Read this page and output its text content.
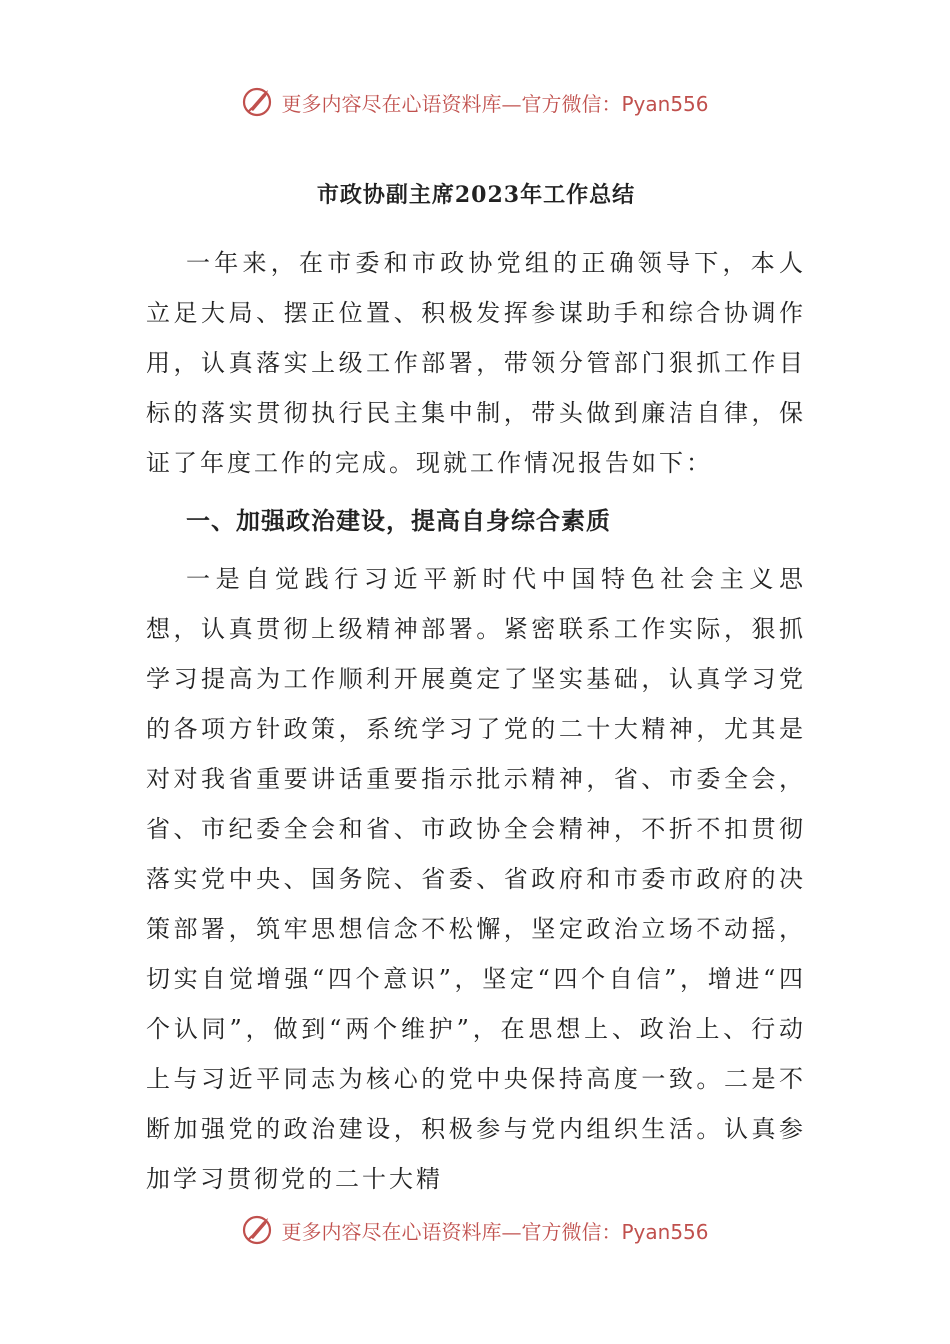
更多内容尽在心语资料库—官方微信：Pyan556
市政协副主席2023年工作总结

一年来，在市委和市政协党组的正确领导下，本人立足大局、摆正位置、积极发挥参谋助手和综合协调作用，认真落实上级工作部署，带领分管部门狠抓工作目标的落实贯彻执行民主集中制，带头做到廉洁自律，保证了年度工作的完成。现就工作情况报告如下：

一、加强政治建设，提高自身综合素质

一是自觉践行习近平新时代中国特色社会主义思想，认真贯彻上级精神部署。紧密联系工作实际，狠抓学习提高为工作顺利开展奠定了坚实基础，认真学习党的各项方针政策，系统学习了党的二十大精神，尤其是对对我省重要讲话重要指示批示精神，省、市委全会，省、市纪委全会和省、市政协全会精神，不折不扣贯彻落实党中央、国务院、省委、省政府和市委市政府的决策部署，筑牢思想信念不松懈，坚定政治立场不动摇，切实自觉增强“四个意识”，坚定“四个自信”，增进“四个认同”，做到“两个维护”，在思想上、政治上、行动上与习近平同志为核心的党中央保持高度一致。二是不断加强党的政治建设，积极参与党内组织生活。认真参加学习贯彻党的二十大精

更多内容尽在心语资料库—官方微信：Pyan556
